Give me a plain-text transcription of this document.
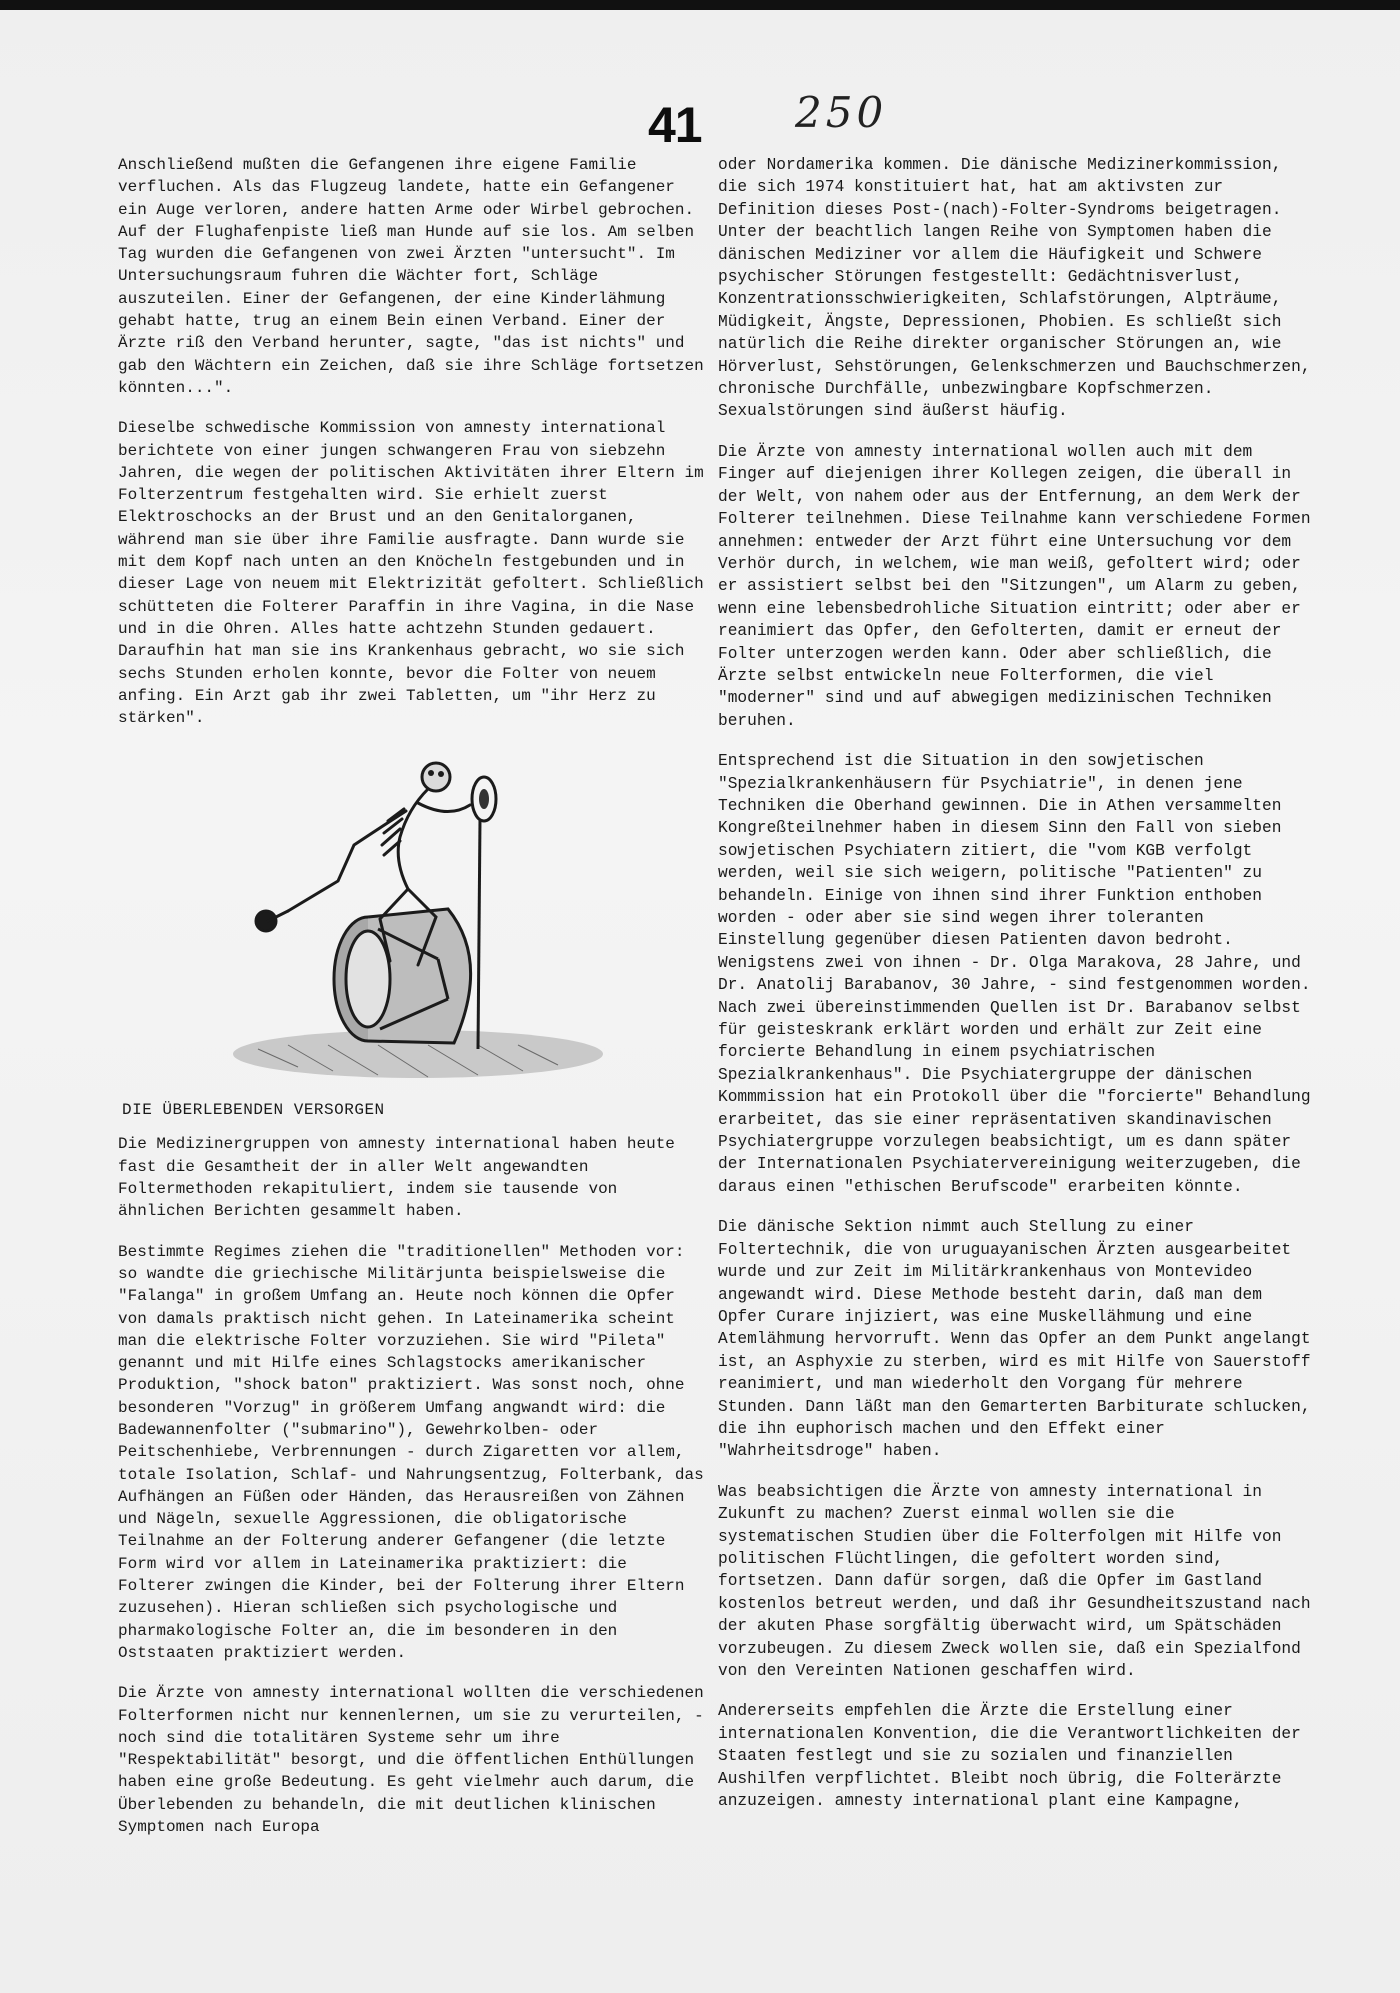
41 250

Anschließend mußten die Gefangenen ihre eigene Familie verfluchen. Als das Flugzeug landete, hatte ein Gefangener ein Auge verloren, andere hatten Arme oder Wirbel gebrochen. Auf der Flughafenpiste ließ man Hunde auf sie los. Am selben Tag wurden die Gefangenen von zwei Ärzten "untersucht". Im Untersuchungsraum fuhren die Wächter fort, Schläge auszuteilen. Einer der Gefangenen, der eine Kinderlähmung gehabt hatte, trug an einem Bein einen Verband. Einer der Ärzte riß den Verband herunter, sagte, "das ist nichts" und gab den Wächtern ein Zeichen, daß sie ihre Schläge fortsetzen könnten...".

Dieselbe schwedische Kommission von amnesty international berichtete von einer jungen schwangeren Frau von siebzehn Jahren, die wegen der politischen Aktivitäten ihrer Eltern im Folterzentrum festgehalten wird. Sie erhielt zuerst Elektroschocks an der Brust und an den Genitalorganen, während man sie über ihre Familie ausfragte. Dann wurde sie mit dem Kopf nach unten an den Knöcheln festgebunden und in dieser Lage von neuem mit Elektrizität gefoltert. Schließlich schütteten die Folterer Paraffin in ihre Vagina, in die Nase und in die Ohren. Alles hatte achtzehn Stunden gedauert. Daraufhin hat man sie ins Krankenhaus gebracht, wo sie sich sechs Stunden erholen konnte, bevor die Folter von neuem anfing. Ein Arzt gab ihr zwei Tabletten, um "ihr Herz zu stärken".

DIE ÜBERLEBENDEN VERSORGEN

Die Medizinergruppen von amnesty international haben heute fast die Gesamtheit der in aller Welt angewandten Foltermethoden rekapituliert, indem sie tausende von ähnlichen Berichten gesammelt haben.

Bestimmte Regimes ziehen die "traditionellen" Methoden vor: so wandte die griechische Militärjunta beispielsweise die "Falanga" in großem Umfang an. Heute noch können die Opfer von damals praktisch nicht gehen. In Lateinamerika scheint man die elektrische Folter vorzuziehen. Sie wird "Pileta" genannt und mit Hilfe eines Schlagstocks amerikanischer Produktion, "shock baton" praktiziert. Was sonst noch, ohne besonderen "Vorzug" in größerem Umfang angwandt wird: die Badewannenfolter ("submarino"), Gewehrkolben- oder Peitschenhiebe, Verbrennungen - durch Zigaretten vor allem, totale Isolation, Schlaf- und Nahrungsentzug, Folterbank, das Aufhängen an Füßen oder Händen, das Herausreißen von Zähnen und Nägeln, sexuelle Aggressionen, die obligatorische Teilnahme an der Folterung anderer Gefangener (die letzte Form wird vor allem in Lateinamerika praktiziert: die Folterer zwingen die Kinder, bei der Folterung ihrer Eltern zuzusehen). Hieran schließen sich psychologische und pharmakologische Folter an, die im besonderen in den Oststaaten praktiziert werden.

Die Ärzte von amnesty international wollten die verschiedenen Folterformen nicht nur kennenlernen, um sie zu verurteilen, - noch sind die totalitären Systeme sehr um ihre "Respektabilität" besorgt, und die öffentlichen Enthüllungen haben eine große Bedeutung. Es geht vielmehr auch darum, die Überlebenden zu behandeln, die mit deutlichen klinischen Symptomen nach Europa

oder Nordamerika kommen. Die dänische Medizinerkommission, die sich 1974 konstituiert hat, hat am aktivsten zur Definition dieses Post-(nach)-Folter-Syndroms beigetragen. Unter der beachtlich langen Reihe von Symptomen haben die dänischen Mediziner vor allem die Häufigkeit und Schwere psychischer Störungen festgestellt: Gedächtnisverlust, Konzentrationsschwierigkeiten, Schlafstörungen, Alpträume, Müdigkeit, Ängste, Depressionen, Phobien. Es schließt sich natürlich die Reihe direkter organischer Störungen an, wie Hörverlust, Sehstörungen, Gelenkschmerzen und Bauchschmerzen, chronische Durchfälle, unbezwingbare Kopfschmerzen. Sexualstörungen sind äußerst häufig.

Die Ärzte von amnesty international wollen auch mit dem Finger auf diejenigen ihrer Kollegen zeigen, die überall in der Welt, von nahem oder aus der Entfernung, an dem Werk der Folterer teilnehmen. Diese Teilnahme kann verschiedene Formen annehmen: entweder der Arzt führt eine Untersuchung vor dem Verhör durch, in welchem, wie man weiß, gefoltert wird; oder er assistiert selbst bei den "Sitzungen", um Alarm zu geben, wenn eine lebensbedrohliche Situation eintritt; oder aber er reanimiert das Opfer, den Gefolterten, damit er erneut der Folter unterzogen werden kann. Oder aber schließlich, die Ärzte selbst entwickeln neue Folterformen, die viel "moderner" sind und auf abwegigen medizinischen Techniken beruhen.

Entsprechend ist die Situation in den sowjetischen "Spezialkrankenhäusern für Psychiatrie", in denen jene Techniken die Oberhand gewinnen. Die in Athen versammelten Kongreßteilnehmer haben in diesem Sinn den Fall von sieben sowjetischen Psychiatern zitiert, die "vom KGB verfolgt werden, weil sie sich weigern, politische "Patienten" zu behandeln. Einige von ihnen sind ihrer Funktion enthoben worden - oder aber sie sind wegen ihrer toleranten Einstellung gegenüber diesen Patienten davon bedroht. Wenigstens zwei von ihnen - Dr. Olga Marakova, 28 Jahre, und Dr. Anatolij Barabanov, 30 Jahre, - sind festgenommen worden. Nach zwei übereinstimmenden Quellen ist Dr. Barabanov selbst für geisteskrank erklärt worden und erhält zur Zeit eine forcierte Behandlung in einem psychiatrischen Spezialkrankenhaus". Die Psychiatergruppe der dänischen Kommmission hat ein Protokoll über die "forcierte" Behandlung erarbeitet, das sie einer repräsentativen skandinavischen Psychiatergruppe vorzulegen beabsichtigt, um es dann später der Internationalen Psychiatervereinigung weiterzugeben, die daraus einen "ethischen Berufscode" erarbeiten könnte.

Die dänische Sektion nimmt auch Stellung zu einer Foltertechnik, die von uruguayanischen Ärzten ausgearbeitet wurde und zur Zeit im Militärkrankenhaus von Montevideo angewandt wird. Diese Methode besteht darin, daß man dem Opfer Curare injiziert, was eine Muskellähmung und eine Atemlähmung hervorruft. Wenn das Opfer an dem Punkt angelangt ist, an Asphyxie zu sterben, wird es mit Hilfe von Sauerstoff reanimiert, und man wiederholt den Vorgang für mehrere Stunden. Dann läßt man den Gemarterten Barbiturate schlucken, die ihn euphorisch machen und den Effekt einer "Wahrheitsdroge" haben.

Was beabsichtigen die Ärzte von amnesty international in Zukunft zu machen? Zuerst einmal wollen sie die systematischen Studien über die Folterfolgen mit Hilfe von politischen Flüchtlingen, die gefoltert worden sind, fortsetzen. Dann dafür sorgen, daß die Opfer im Gastland kostenlos betreut werden, und daß ihr Gesundheitszustand nach der akuten Phase sorgfältig überwacht wird, um Spätschäden vorzubeugen. Zu diesem Zweck wollen sie, daß ein Spezialfond von den Vereinten Nationen geschaffen wird.

Andererseits empfehlen die Ärzte die Erstellung einer internationalen Konvention, die die Verantwortlichkeiten der Staaten festlegt und sie zu sozialen und finanziellen Aushilfen verpflichtet. Bleibt noch übrig, die Folterärzte anzuzeigen. amnesty international plant eine Kampagne,
